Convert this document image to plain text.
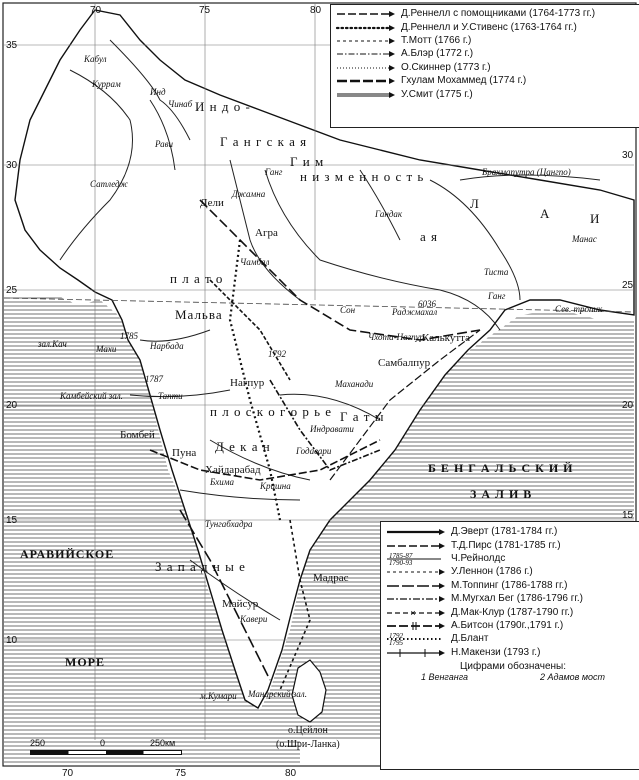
70	75	80
70	75	80
35
30
25
20
15
10
30
25
20
15
Д.Реннелл с помощниками (1764-1773 гг.)
Д.Реннелл и У.Стивенс (1763-1764 гг.)
Т.Мотт (1766 г.)
А.Блэр (1772 г.)
О.Скиннер (1773 г.)
Гхулам Мохаммед (1774 г.)
У.Смит (1775 г.)
Д.Эверт (1781-1784 гг.)
Т.Д.Пирс (1781-1785 гг.)
1785-87
1790-93	Ч.Рейнолдс
У.Леннон (1786 г.)
М.Топпинг (1786-1788 гг.)
М.Мугхал Бег (1786-1796 гг.)
×	Д.Мак-Клур (1787-1790 гг.)
А.Битсон (1790г.,1791 г.)
1792
1795	Д.Блант
Н.Макензи (1793 г.)
Цифрами обозначены:
1 Венганга	2 Адамов мост
Дели
Агра
Калькутта
Нагпур
Самбалпур
Бомбей
Пуна
Хайдарабад
Мадрас
Майсур
о.Цейлон
(о.Шри-Ланка)
Кабул
Куррам
Инд
Чинаб
Рави
Сатледж
Джамна
Ганг
Гандак
Брахмапутра (Цангпо)
Тиста
Манас
Ганг
Сон
Чамбал
Махи	Нарбада
Тапти
Маханади
Индравати
Годавари
Бхима	Кришна
Тунгабхадра
Кавери
м.Кумари Манарский зал.
И н д о -
Г а н г с к а я
н и з м е н н о с т ь
а я
п л а т о
Мальва
Д е к а н
п л о с к о г о р ь е
Чхота-Нагпур
Г а т ы
Раджмахал
зал.Кач
Камбейский зал.
З а п а д н ы е
Сев. тропик
Г и м
Л
А	И
1787
1792
1785
6036
АРАВИЙСКОЕ
МОРЕ
Б Е Н Г А Л Ь С К И Й
З А Л И В
250	0	250км
